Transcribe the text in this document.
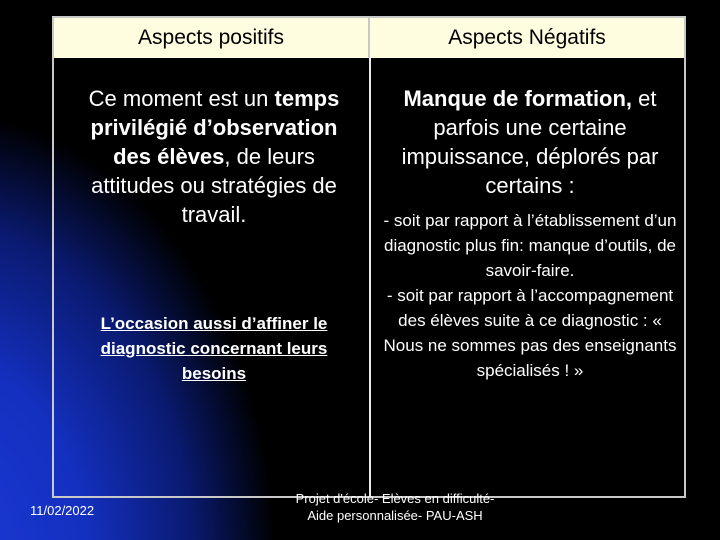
Aspects positifs	Aspects Négatifs
Ce moment est un temps privilégié d’observation des élèves, de leurs attitudes ou stratégies de travail.
L’occasion aussi d’affiner le diagnostic concernant leurs besoins
Manque de formation, et parfois une certaine impuissance, déplorés par certains :
- soit par rapport à l’établissement d’un diagnostic plus fin: manque d’outils, de savoir-faire.
- soit par rapport à l’accompagnement des élèves suite à ce diagnostic : « Nous ne sommes pas des enseignants spécialisés ! »
11/02/2022
Projet d'école- Elèves en difficulté-
Aide personnalisée- PAU-ASH
